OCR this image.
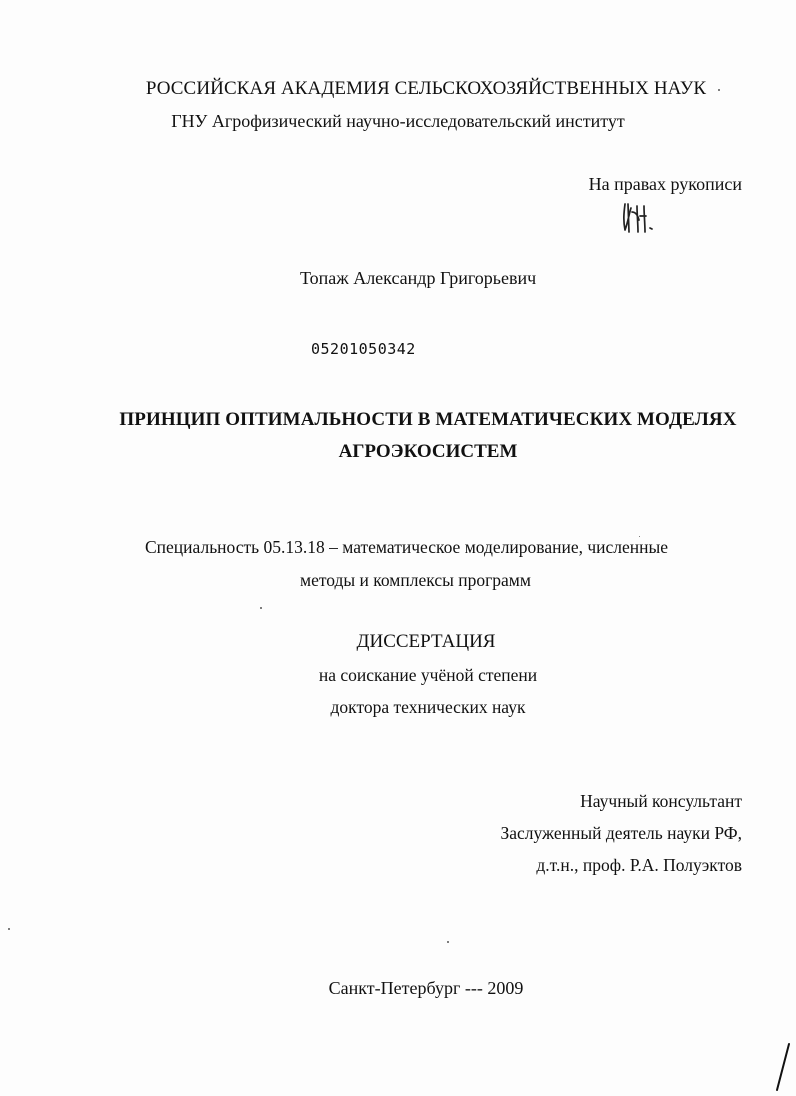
РОССИЙСКАЯ АКАДЕМИЯ СЕЛЬСКОХОЗЯЙСТВЕННЫХ НАУК
ГНУ Агрофизический научно-исследовательский институт
На правах рукописи
Топаж Александр Григорьевич
05201050342
ПРИНЦИП ОПТИМАЛЬНОСТИ В МАТЕМАТИЧЕСКИХ МОДЕЛЯХ
АГРОЭКОСИСТЕМ
Специальность 05.13.18 – математическое моделирование, численные
методы и комплексы программ
ДИССЕРТАЦИЯ
на соискание учёной степени
доктора технических наук
Научный консультант
Заслуженный деятель науки РФ,
д.т.н., проф. Р.А. Полуэктов
Санкт-Петербург --- 2009
